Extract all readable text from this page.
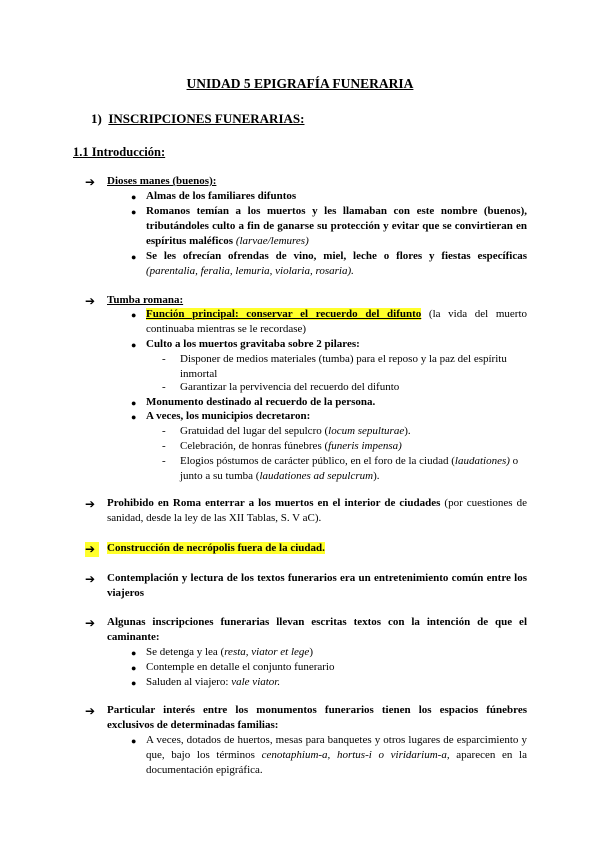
UNIDAD 5 EPIGRAFÍA FUNERARIA
1) INSCRIPCIONES FUNERARIAS:
1.1 Introducción:
➔	Dioses manes (buenos):
● Almas de los familiares difuntos
● Romanos temían a los muertos y les llamaban con este nombre (buenos), tributándoles culto a fin de ganarse su protección y evitar que se convirtieran en espíritus maléficos (larvae/lemures)
● Se les ofrecían ofrendas de vino, miel, leche o flores y fiestas específicas (parentalia, feralia, lemuria, violaria, rosaria).
➔	Tumba romana:
● Función principal: conservar el recuerdo del difunto (la vida del muerto continuaba mientras se le recordase)
● Culto a los muertos gravitaba sobre 2 pilares:
- Disponer de medios materiales (tumba) para el reposo y la paz del espíritu inmortal
- Garantizar la pervivencia del recuerdo del difunto
● Monumento destinado al recuerdo de la persona.
● A veces, los municipios decretaron:
- Gratuidad del lugar del sepulcro (locum sepulturae).
- Celebración, de honras fúnebres (funeris impensa)
- Elogios póstumos de carácter público, en el foro de la ciudad (laudationes) o junto a su tumba (laudationes ad sepulcrum).
➔	Prohibido en Roma enterrar a los muertos en el interior de ciudades (por cuestiones de sanidad, desde la ley de las XII Tablas, S. V aC).
➔	Construcción de necrópolis fuera de la ciudad.
➔	Contemplación y lectura de los textos funerarios era un entretenimiento común entre los viajeros
➔	Algunas inscripciones funerarias llevan escritas textos con la intención de que el caminante:
● Se detenga y lea (resta, viator et lege)
● Contemple en detalle el conjunto funerario
● Saluden al viajero: vale viator.
➔	Particular interés entre los monumentos funerarios tienen los espacios fúnebres exclusivos de determinadas familias:
● A veces, dotados de huertos, mesas para banquetes y otros lugares de esparcimiento y que, bajo los términos cenotaphium-a, hortus-i o viridarium-a, aparecen en la documentación epigráfica.
